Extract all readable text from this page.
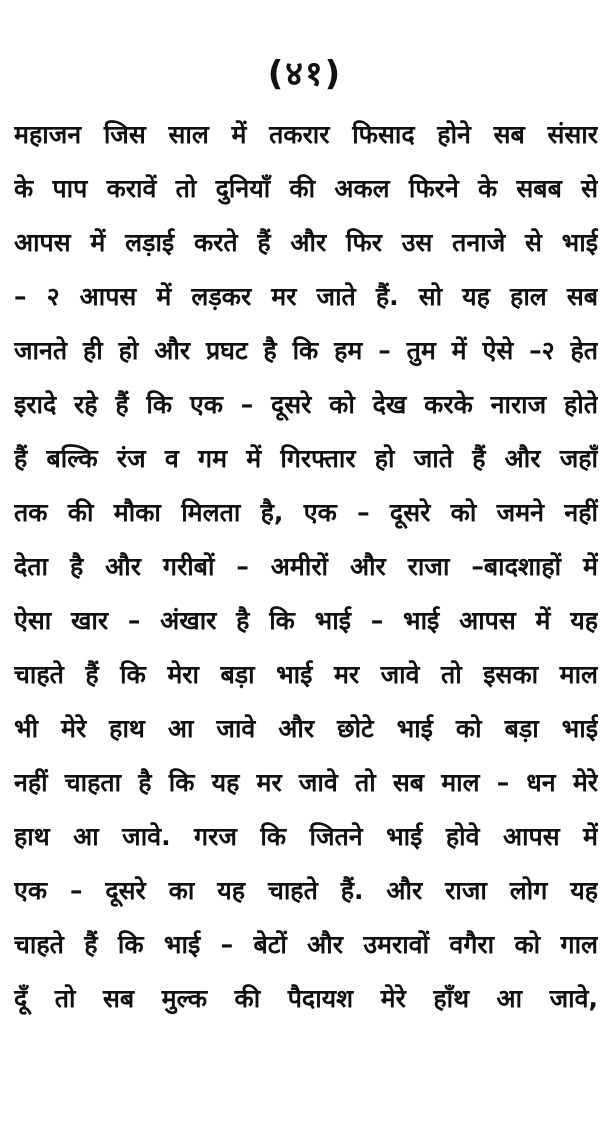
(४१)
महाजन जिस साल में तकरार फिसाद होने सब संसार
के पाप करावें तो दुनियाँ की अकल फिरने के सबब से
आपस में लड़ाई करते हैं और फिर उस तनाजे से भाई
– २ आपस में लड़कर मर जाते हैं. सो यह हाल सब
जानते ही हो और प्रघट है कि हम – तुम में ऐसे –२ हेत
इरादे रहे हैं कि एक – दूसरे को देख करके नाराज होते
हैं बल्कि रंज व गम में गिरफ्तार हो जाते हैं और जहाँ
तक की मौका मिलता है, एक – दूसरे को जमने नहीं
देता है और गरीबों – अमीरों और राजा –बादशाहों में
ऐसा खार – अंखार है कि भाई – भाई आपस में यह
चाहते हैं कि मेरा बड़ा भाई मर जावे तो इसका माल
भी मेरे हाथ आ जावे और छोटे भाई को बड़ा भाई
नहीं चाहता है कि यह मर जावे तो सब माल – धन मेरे
हाथ आ जावे. गरज कि जितने भाई होवे आपस में
एक – दूसरे का यह चाहते हैं. और राजा लोग यह
चाहते हैं कि भाई – बेटों और उमरावों वगैरा को गाल
दूँ तो सब मुल्क की पैदायश मेरे हाँथ आ जावे,
